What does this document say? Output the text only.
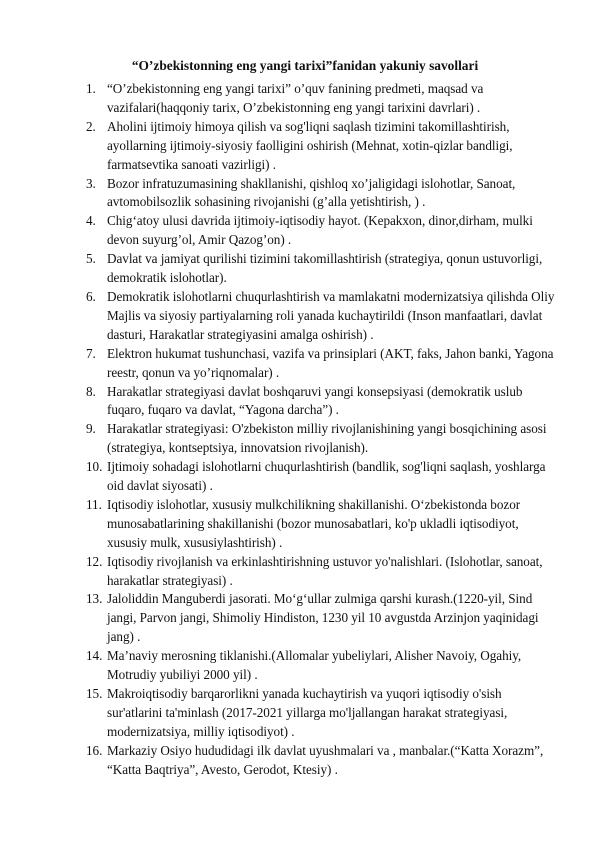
“O’zbekistonning eng yangi tarixi”fanidan yakuniy savollari
1. “O’zbekistonning eng yangi tarixi” o’quv fanining predmeti, maqsad va vazifalari(haqqoniy tarix, O’zbekistonning eng yangi tarixini davrlari) .
2. Aholini ijtimoiy himoya qilish va sog'liqni saqlash tizimini takomillashtirish, ayollarning ijtimoiy-siyosiy faolligini oshirish (Mehnat, xotin-qizlar bandligi, farmatsevtika sanoati vazirligi) .
3. Bozor infratuzumasining shakllanishi, qishloq xo’jaligidagi islohotlar, Sanoat, avtomobilsozlik sohasining rivojanishi (g’alla yetishtirish, ) .
4. Chig‘atoy ulusi davrida ijtimoiy-iqtisodiy hayot. (Kepakxon, dinor,dirham, mulki devon suyurg’ol, Amir Qazog’on) .
5. Davlat va jamiyat qurilishi tizimini takomillashtirish (strategiya, qonun ustuvorligi, demokratik islohotlar).
6. Demokratik islohotlarni chuqurlashtirish va mamlakatni modernizatsiya qilishda Oliy Majlis va siyosiy partiyalarning roli yanada kuchaytirildi (Inson manfaatlari, davlat dasturi, Harakatlar strategiyasini amalga oshirish) .
7. Elektron hukumat tushunchasi, vazifa va prinsiplari (AKT, faks, Jahon banki, Yagona reestr, qonun va yo’riqnomalar) .
8. Harakatlar strategiyasi davlat boshqaruvi yangi konsepsiyasi (demokratik uslub fuqaro, fuqaro va davlat, “Yagona darcha”) .
9. Harakatlar strategiyasi: O'zbekiston milliy rivojlanishining yangi bosqichining asosi (strategiya, kontseptsiya, innovatsion rivojlanish).
10. Ijtimoiy sohadagi islohotlarni chuqurlashtirish (bandlik, sog'liqni saqlash, yoshlarga oid davlat siyosati) .
11. Iqtisodiy islohotlar, xususiy mulkchilikning shakillanishi. O‘zbekistonda bozor munosabatlarining shakillanishi (bozor munosabatlari, ko'p ukladli iqtisodiyot, xususiy mulk, xususiylashtirish) .
12. Iqtisodiy rivojlanish va erkinlashtirishning ustuvor yo'nalishlari. (Islohotlar, sanoat, harakatlar strategiyasi) .
13. Jaloliddin Manguberdi jasorati. Mo‘g‘ullar zulmiga qarshi kurash.(1220-yil, Sind jangi, Parvon jangi, Shimoliy Hindiston, 1230 yil 10 avgustda Arzinjon yaqinidagi jang) .
14. Ma’naviy merosning tiklanishi.(Allomalar yubeliylari, Alisher Navoiy, Ogahiy, Motrudiy yubiliyi 2000 yil) .
15. Makroiqtisodiy barqarorlikni yanada kuchaytirish va yuqori iqtisodiy o'sish sur'atlarini ta'minlash (2017-2021 yillarga mo'ljallangan harakat strategiyasi, modernizatsiya, milliy iqtisodiyot) .
16. Markaziy Osiyo hududidagi ilk davlat uyushmalari va , manbalar.(“Katta Xorazm”, “Katta Baqtriya”, Avesto, Gerodot, Ktesiy) .
